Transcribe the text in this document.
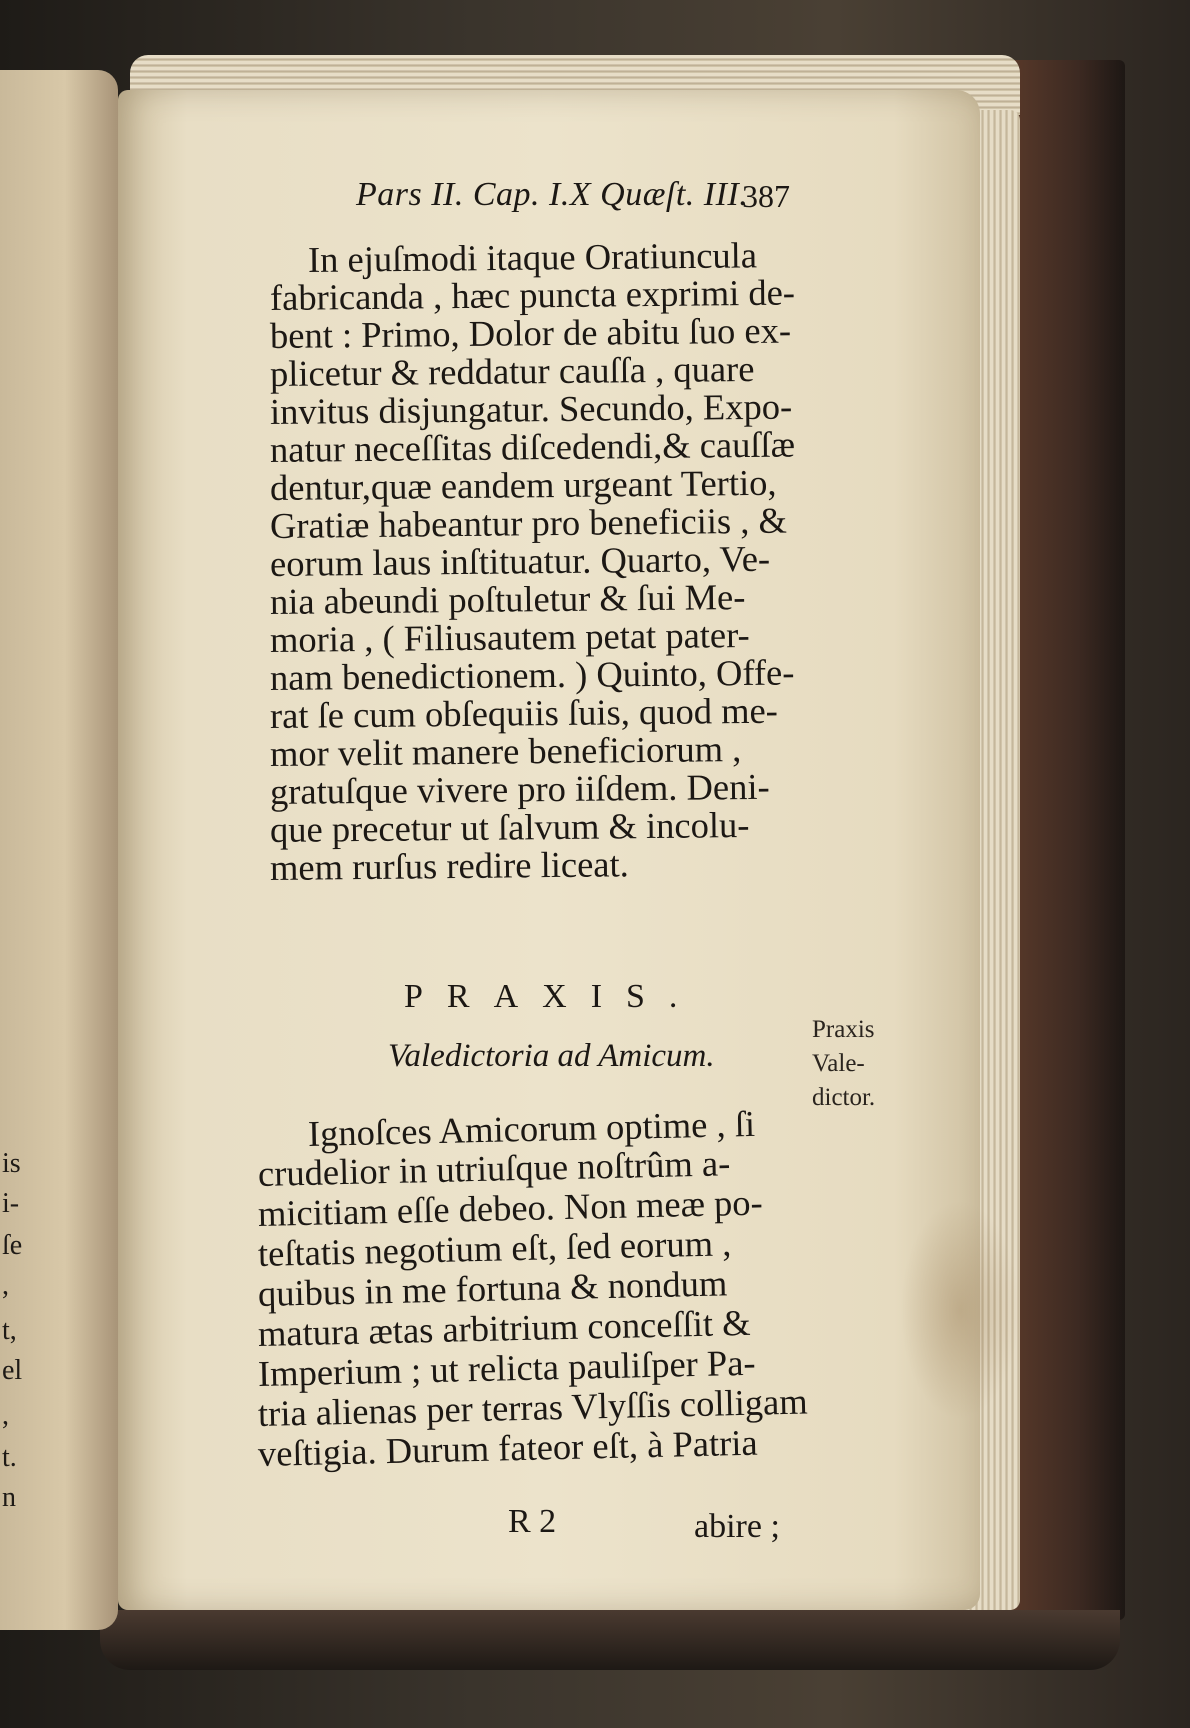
is
i-
ſe
,
t,
el
,
t.
n
Pars II. Cap. I.X Quæſt. III.
387
In ejuſmodi itaque Oratiuncula
fabricanda , hæc puncta exprimi de-
bent : Primo, Dolor de abitu ſuo ex-
plicetur & reddatur cauſſa , quare
invitus disjungatur. Secundo, Expo-
natur neceſſitas diſcedendi,& cauſſæ
dentur,quæ eandem urgeant Tertio,
Gratiæ habeantur pro beneficiis , &
eorum laus inſtituatur. Quarto, Ve-
nia abeundi poſtuletur & ſui Me-
moria , ( Filiusautem petat pater-
nam benedictionem. ) Quinto, Offe-
rat ſe cum obſequiis ſuis, quod me-
mor velit manere beneficiorum ,
gratuſque vivere pro iiſdem. Deni-
que precetur ut ſalvum & incolu-
mem rurſus redire liceat.
PRAXIS.
Valedictoria ad Amicum.
Praxis
Vale-
dictor.
Ignoſces Amicorum optime , ſi
crudelior in utriuſque noſtrûm a-
micitiam eſſe debeo. Non meæ po-
teſtatis negotium eſt, ſed eorum ,
quibus in me fortuna & nondum
matura ætas arbitrium conceſſit &
Imperium ; ut relicta pauliſper Pa-
tria alienas per terras Vlyſſis colligam
veſtigia. Durum fateor eſt, à Patria
R 2	abire ;
